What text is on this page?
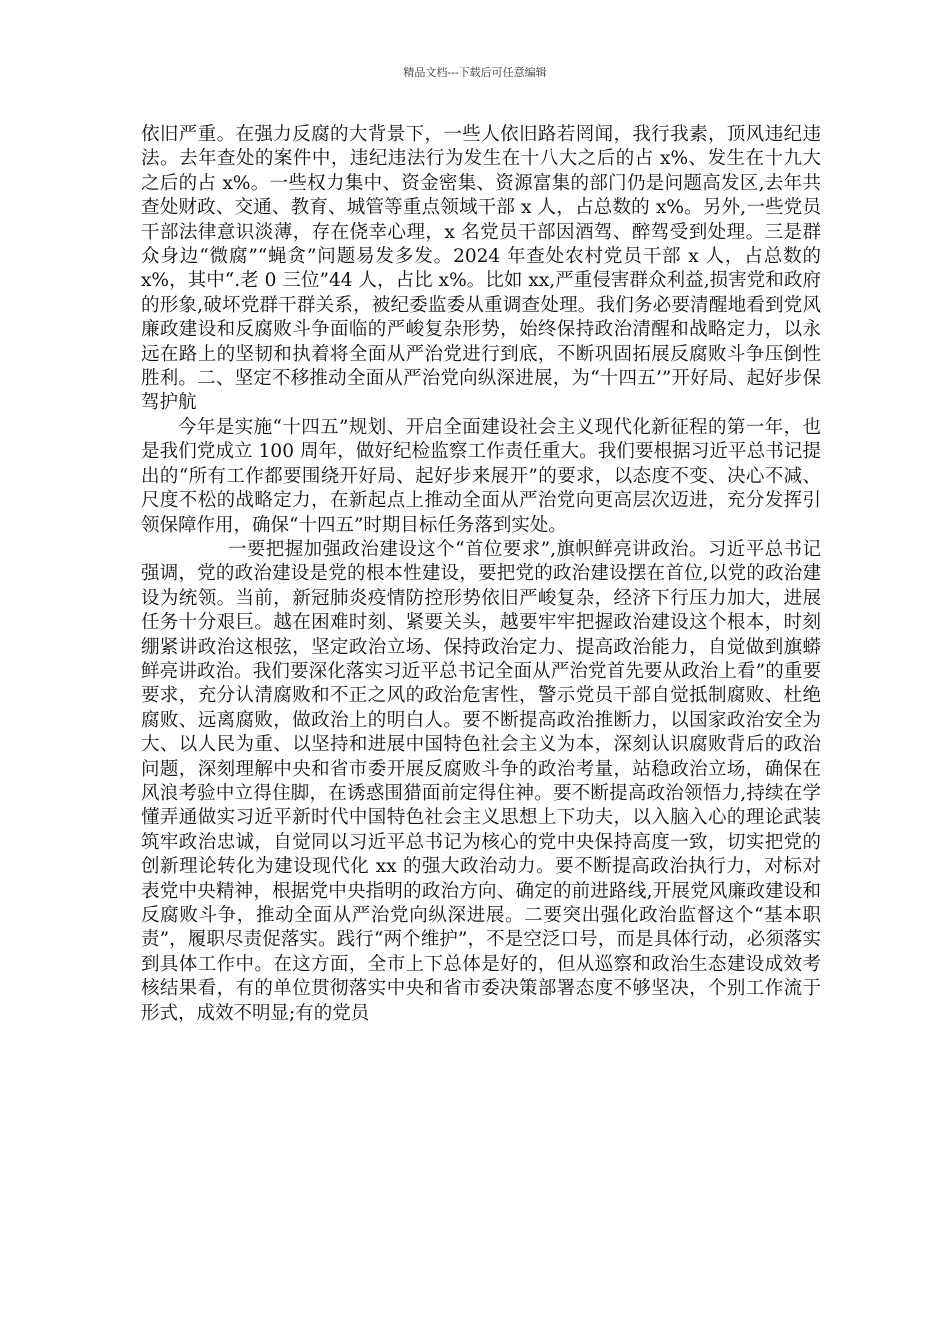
精品文档---下载后可任意编辑

依旧严重。在强力反腐的大背景下，一些人依旧路若罔闻，我行我素，顶风违纪违法。去年查处的案件中，违纪违法行为发生在十八大之后的占 x%、发生在十九大之后的占 x%。一些权力集中、资金密集、资源富集的部门仍是问题高发区,去年共查处财政、交通、教育、城管等重点领域干部 x 人，占总数的 x%。另外,一些党员干部法律意识淡薄，存在侥幸心理，x 名党员干部因酒驾、醉驾受到处理。三是群众身边“微腐”“蝇贪”问题易发多发。2024 年查处农村党员干部 x 人，占总数的 x%，其中“.老 0 三位”44 人，占比 x%。比如 xx,严重侵害群众利益,损害党和政府的形象,破坏党群干群关系，被纪委监委从重调查处理。我们务必要清醒地看到党风廉政建设和反腐败斗争面临的严峻复杂形势，始终保持政治清醒和战略定力，以永远在路上的坚韧和执着将全面从严治党进行到底，不断巩固拓展反腐败斗争压倒性胜利。二、坚定不移推动全面从严治党向纵深进展，为“十四五’”开好局、起好步保驾护航

今年是实施“十四五”规划、开启全面建设社会主义现代化新征程的第一年，也是我们党成立 100 周年，做好纪检监察工作责任重大。我们要根据习近平总书记提出的“所有工作都要围绕开好局、起好步来展开”的要求，以态度不变、决心不减、尺度不松的战略定力，在新起点上推动全面从严治党向更高层次迈进，充分发挥引领保障作用，确保“十四五”时期目标任务落到实处。

一要把握加强政治建设这个“首位要求”,旗帜鲜亮讲政治。习近平总书记强调，党的政治建设是党的根本性建设，要把党的政治建设摆在首位,以党的政治建设为统领。当前，新冠肺炎疫情防控形势依旧严峻复杂，经济下行压力加大，进展任务十分艰巨。越在困难时刻、紧要关头，越要牢牢把握政治建设这个根本，时刻绷紧讲政治这根弦，坚定政治立场、保持政治定力、提高政治能力，自觉做到旗蟒鲜亮讲政治。我们要深化落实习近平总书记全面从严治党首先要从政治上看”的重要要求，充分认清腐败和不正之风的政治危害性，警示党员干部自觉抵制腐败、杜绝腐败、远离腐败，做政治上的明白人。要不断提高政治推断力，以国家政治安全为大、以人民为重、以坚持和进展中国特色社会主义为本，深刻认识腐败背后的政治问题，深刻理解中央和省市委开展反腐败斗争的政治考量，站稳政治立场，确保在风浪考验中立得住脚，在诱惑围猎面前定得住神。要不断提高政治领悟力,持续在学懂弄通做实习近平新时代中国特色社会主义思想上下功夫，以入脑入心的理论武装筑牢政治忠诚，自觉同以习近平总书记为核心的党中央保持高度一致，切实把党的创新理论转化为建设现代化 xx 的强大政治动力。要不断提高政治执行力，对标对表党中央精神，根据党中央指明的政治方向、确定的前进路线,开展党风廉政建设和反腐败斗争，推动全面从严治党向纵深进展。二要突出强化政治监督这个“基本职责”，履职尽责促落实。践行“两个维护”，不是空泛口号，而是具体行动，必须落实到具体工作中。在这方面，全市上下总体是好的，但从巡察和政治生态建设成效考核结果看，有的单位贯彻落实中央和省市委决策部署态度不够坚决，个别工作流于形式，成效不明显;有的党员
